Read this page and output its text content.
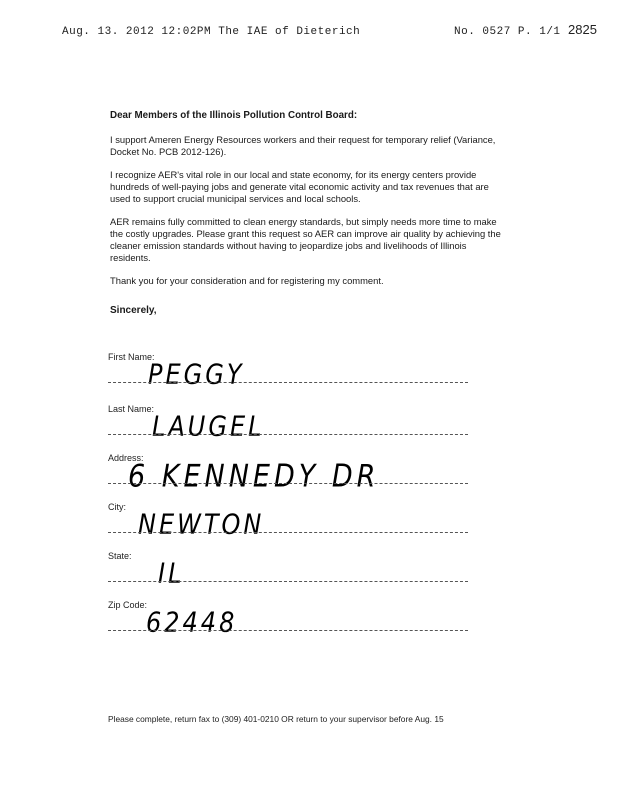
Aug. 13. 2012 12:02PM The IAE of Dieterich	No. 0527 P. 1/1 2825
Dear Members of the Illinois Pollution Control Board:

I support Ameren Energy Resources workers and their request for temporary relief (Variance, Docket No. PCB 2012-126).

I recognize AER's vital role in our local and state economy, for its energy centers provide hundreds of well-paying jobs and generate vital economic activity and tax revenues that are used to support crucial municipal services and local schools.

AER remains fully committed to clean energy standards, but simply needs more time to make the costly upgrades. Please grant this request so AER can improve air quality by achieving the cleaner emission standards without having to jeopardize jobs and livelihoods of Illinois residents.

Thank you for your consideration and for registering my comment.

Sincerely,
First Name:
PEGGY
Last Name:
LAUGEL
Address:
6 KENNEDY DR
City:
NEWTON
State:
IL
Zip Code:
62448
Please complete, return fax to (309) 401-0210 OR return to your supervisor before Aug. 15
